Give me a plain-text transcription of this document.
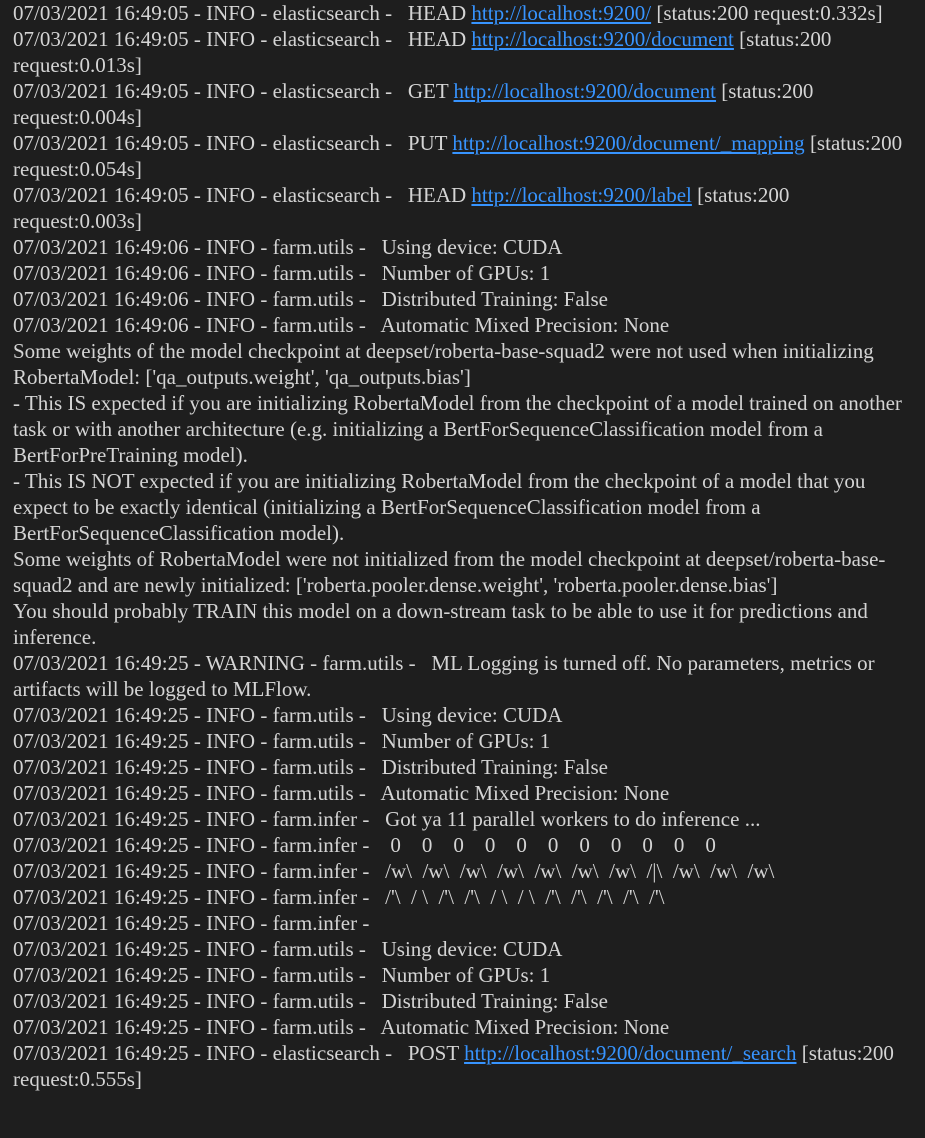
07/03/2021 16:49:05 - INFO - elasticsearch -   HEAD http://localhost:9200/ [status:200 request:0.332s]
07/03/2021 16:49:05 - INFO - elasticsearch -   HEAD http://localhost:9200/document [status:200 request:0.013s]
07/03/2021 16:49:05 - INFO - elasticsearch -   GET http://localhost:9200/document [status:200 request:0.004s]
07/03/2021 16:49:05 - INFO - elasticsearch -   PUT http://localhost:9200/document/_mapping [status:200 request:0.054s]
07/03/2021 16:49:05 - INFO - elasticsearch -   HEAD http://localhost:9200/label [status:200 request:0.003s]
07/03/2021 16:49:06 - INFO - farm.utils -   Using device: CUDA
07/03/2021 16:49:06 - INFO - farm.utils -   Number of GPUs: 1
07/03/2021 16:49:06 - INFO - farm.utils -   Distributed Training: False
07/03/2021 16:49:06 - INFO - farm.utils -   Automatic Mixed Precision: None
Some weights of the model checkpoint at deepset/roberta-base-squad2 were not used when initializing RobertaModel: ['qa_outputs.weight', 'qa_outputs.bias']
- This IS expected if you are initializing RobertaModel from the checkpoint of a model trained on another task or with another architecture (e.g. initializing a BertForSequenceClassification model from a BertForPreTraining model).
- This IS NOT expected if you are initializing RobertaModel from the checkpoint of a model that you expect to be exactly identical (initializing a BertForSequenceClassification model from a BertForSequenceClassification model).
Some weights of RobertaModel were not initialized from the model checkpoint at deepset/roberta-base-squad2 and are newly initialized: ['roberta.pooler.dense.weight', 'roberta.pooler.dense.bias']
You should probably TRAIN this model on a down-stream task to be able to use it for predictions and inference.
07/03/2021 16:49:25 - WARNING - farm.utils -   ML Logging is turned off. No parameters, metrics or artifacts will be logged to MLFlow.
07/03/2021 16:49:25 - INFO - farm.utils -   Using device: CUDA
07/03/2021 16:49:25 - INFO - farm.utils -   Number of GPUs: 1
07/03/2021 16:49:25 - INFO - farm.utils -   Distributed Training: False
07/03/2021 16:49:25 - INFO - farm.utils -   Automatic Mixed Precision: None
07/03/2021 16:49:25 - INFO - farm.infer -   Got ya 11 parallel workers to do inference ...
07/03/2021 16:49:25 - INFO - farm.infer -    0    0    0    0    0    0    0    0    0    0    0
07/03/2021 16:49:25 - INFO - farm.infer -   /w\  /w\  /w\  /w\  /w\  /w\  /w\  /|\  /w\  /w\  /w\
07/03/2021 16:49:25 - INFO - farm.infer -   /'\  / \  /'\  /'\  / \  / \  /'\  /'\  /'\  /'\  /'\
07/03/2021 16:49:25 - INFO - farm.infer -
07/03/2021 16:49:25 - INFO - farm.utils -   Using device: CUDA
07/03/2021 16:49:25 - INFO - farm.utils -   Number of GPUs: 1
07/03/2021 16:49:25 - INFO - farm.utils -   Distributed Training: False
07/03/2021 16:49:25 - INFO - farm.utils -   Automatic Mixed Precision: None
07/03/2021 16:49:25 - INFO - elasticsearch -   POST http://localhost:9200/document/_search [status:200 request:0.555s]
